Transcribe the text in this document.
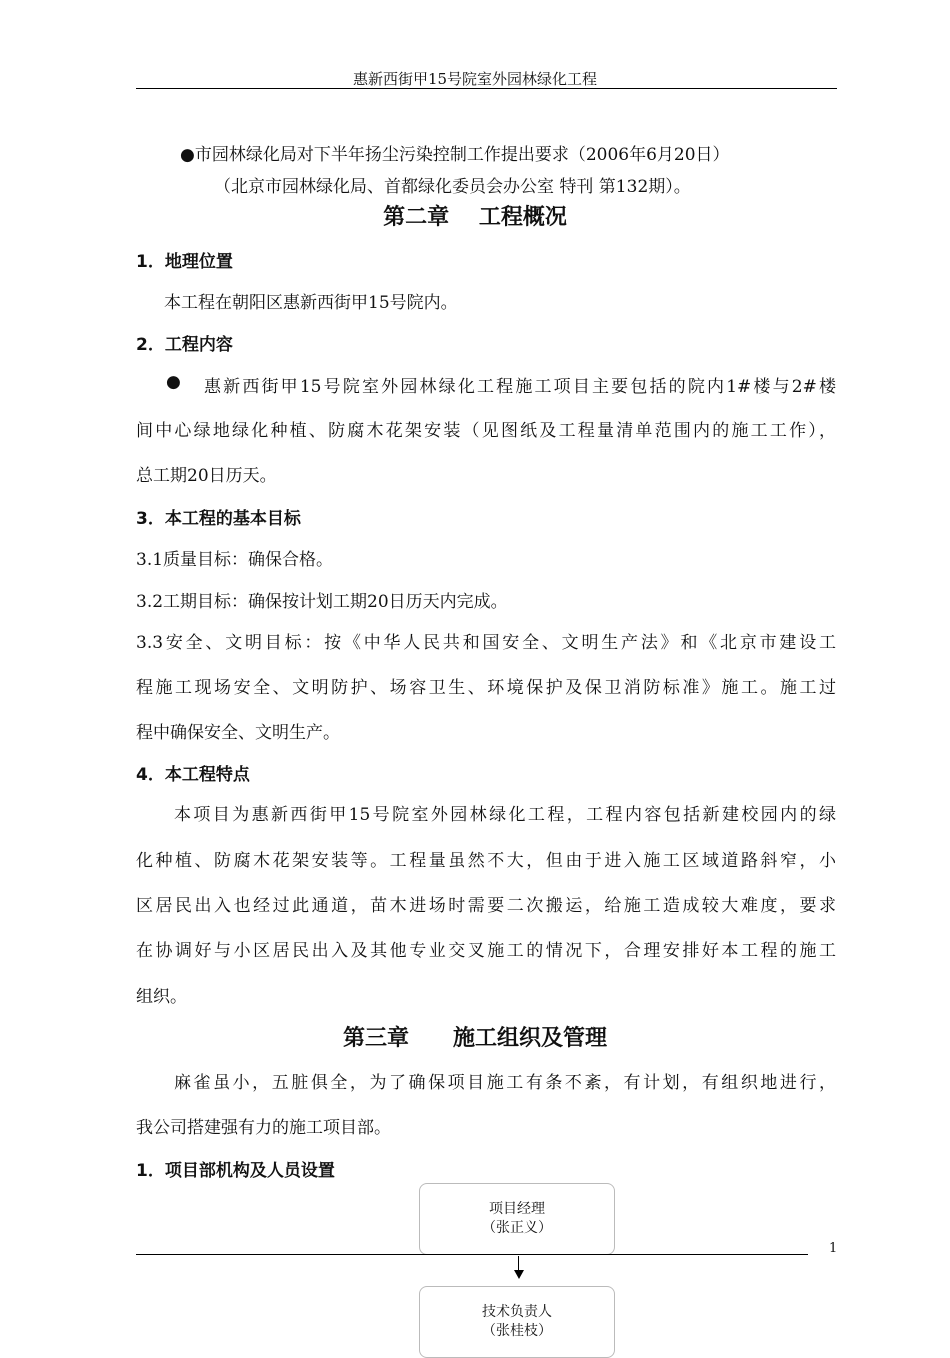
惠新西街甲15号院室外园林绿化工程
●市园林绿化局对下半年扬尘污染控制工作提出要求（2006年6月20日）
（北京市园林绿化局、首都绿化委员会办公室 特刊 第132期）。
第二章　 工程概况
1．地理位置
本工程在朝阳区惠新西街甲15号院内。
2．工程内容
● 惠新西街甲15号院室外园林绿化工程施工项目主要包括的院内1#楼与2#楼
间中心绿地绿化种植、防腐木花架安装（见图纸及工程量清单范围内的施工工作），
总工期20日历天。
3．本工程的基本目标
3.1质量目标：确保合格。
3.2工期目标：确保按计划工期20日历天内完成。
3.3安全、文明目标：按《中华人民共和国安全、文明生产法》和《北京市建设工
程施工现场安全、文明防护、场容卫生、环境保护及保卫消防标准》施工。施工过
程中确保安全、文明生产。
4．本工程特点
本项目为惠新西街甲15号院室外园林绿化工程，工程内容包括新建校园内的绿
化种植、防腐木花架安装等。工程量虽然不大，但由于进入施工区域道路斜窄，小
区居民出入也经过此通道，苗木进场时需要二次搬运，给施工造成较大难度，要求
在协调好与小区居民出入及其他专业交叉施工的情况下，合理安排好本工程的施工
组织。
第三章　　施工组织及管理
麻雀虽小，五脏俱全，为了确保项目施工有条不紊，有计划，有组织地进行，
我公司搭建强有力的施工项目部。
1．项目部机构及人员设置
项目经理
（张正义）
1
技术负责人
（张桂枝）
